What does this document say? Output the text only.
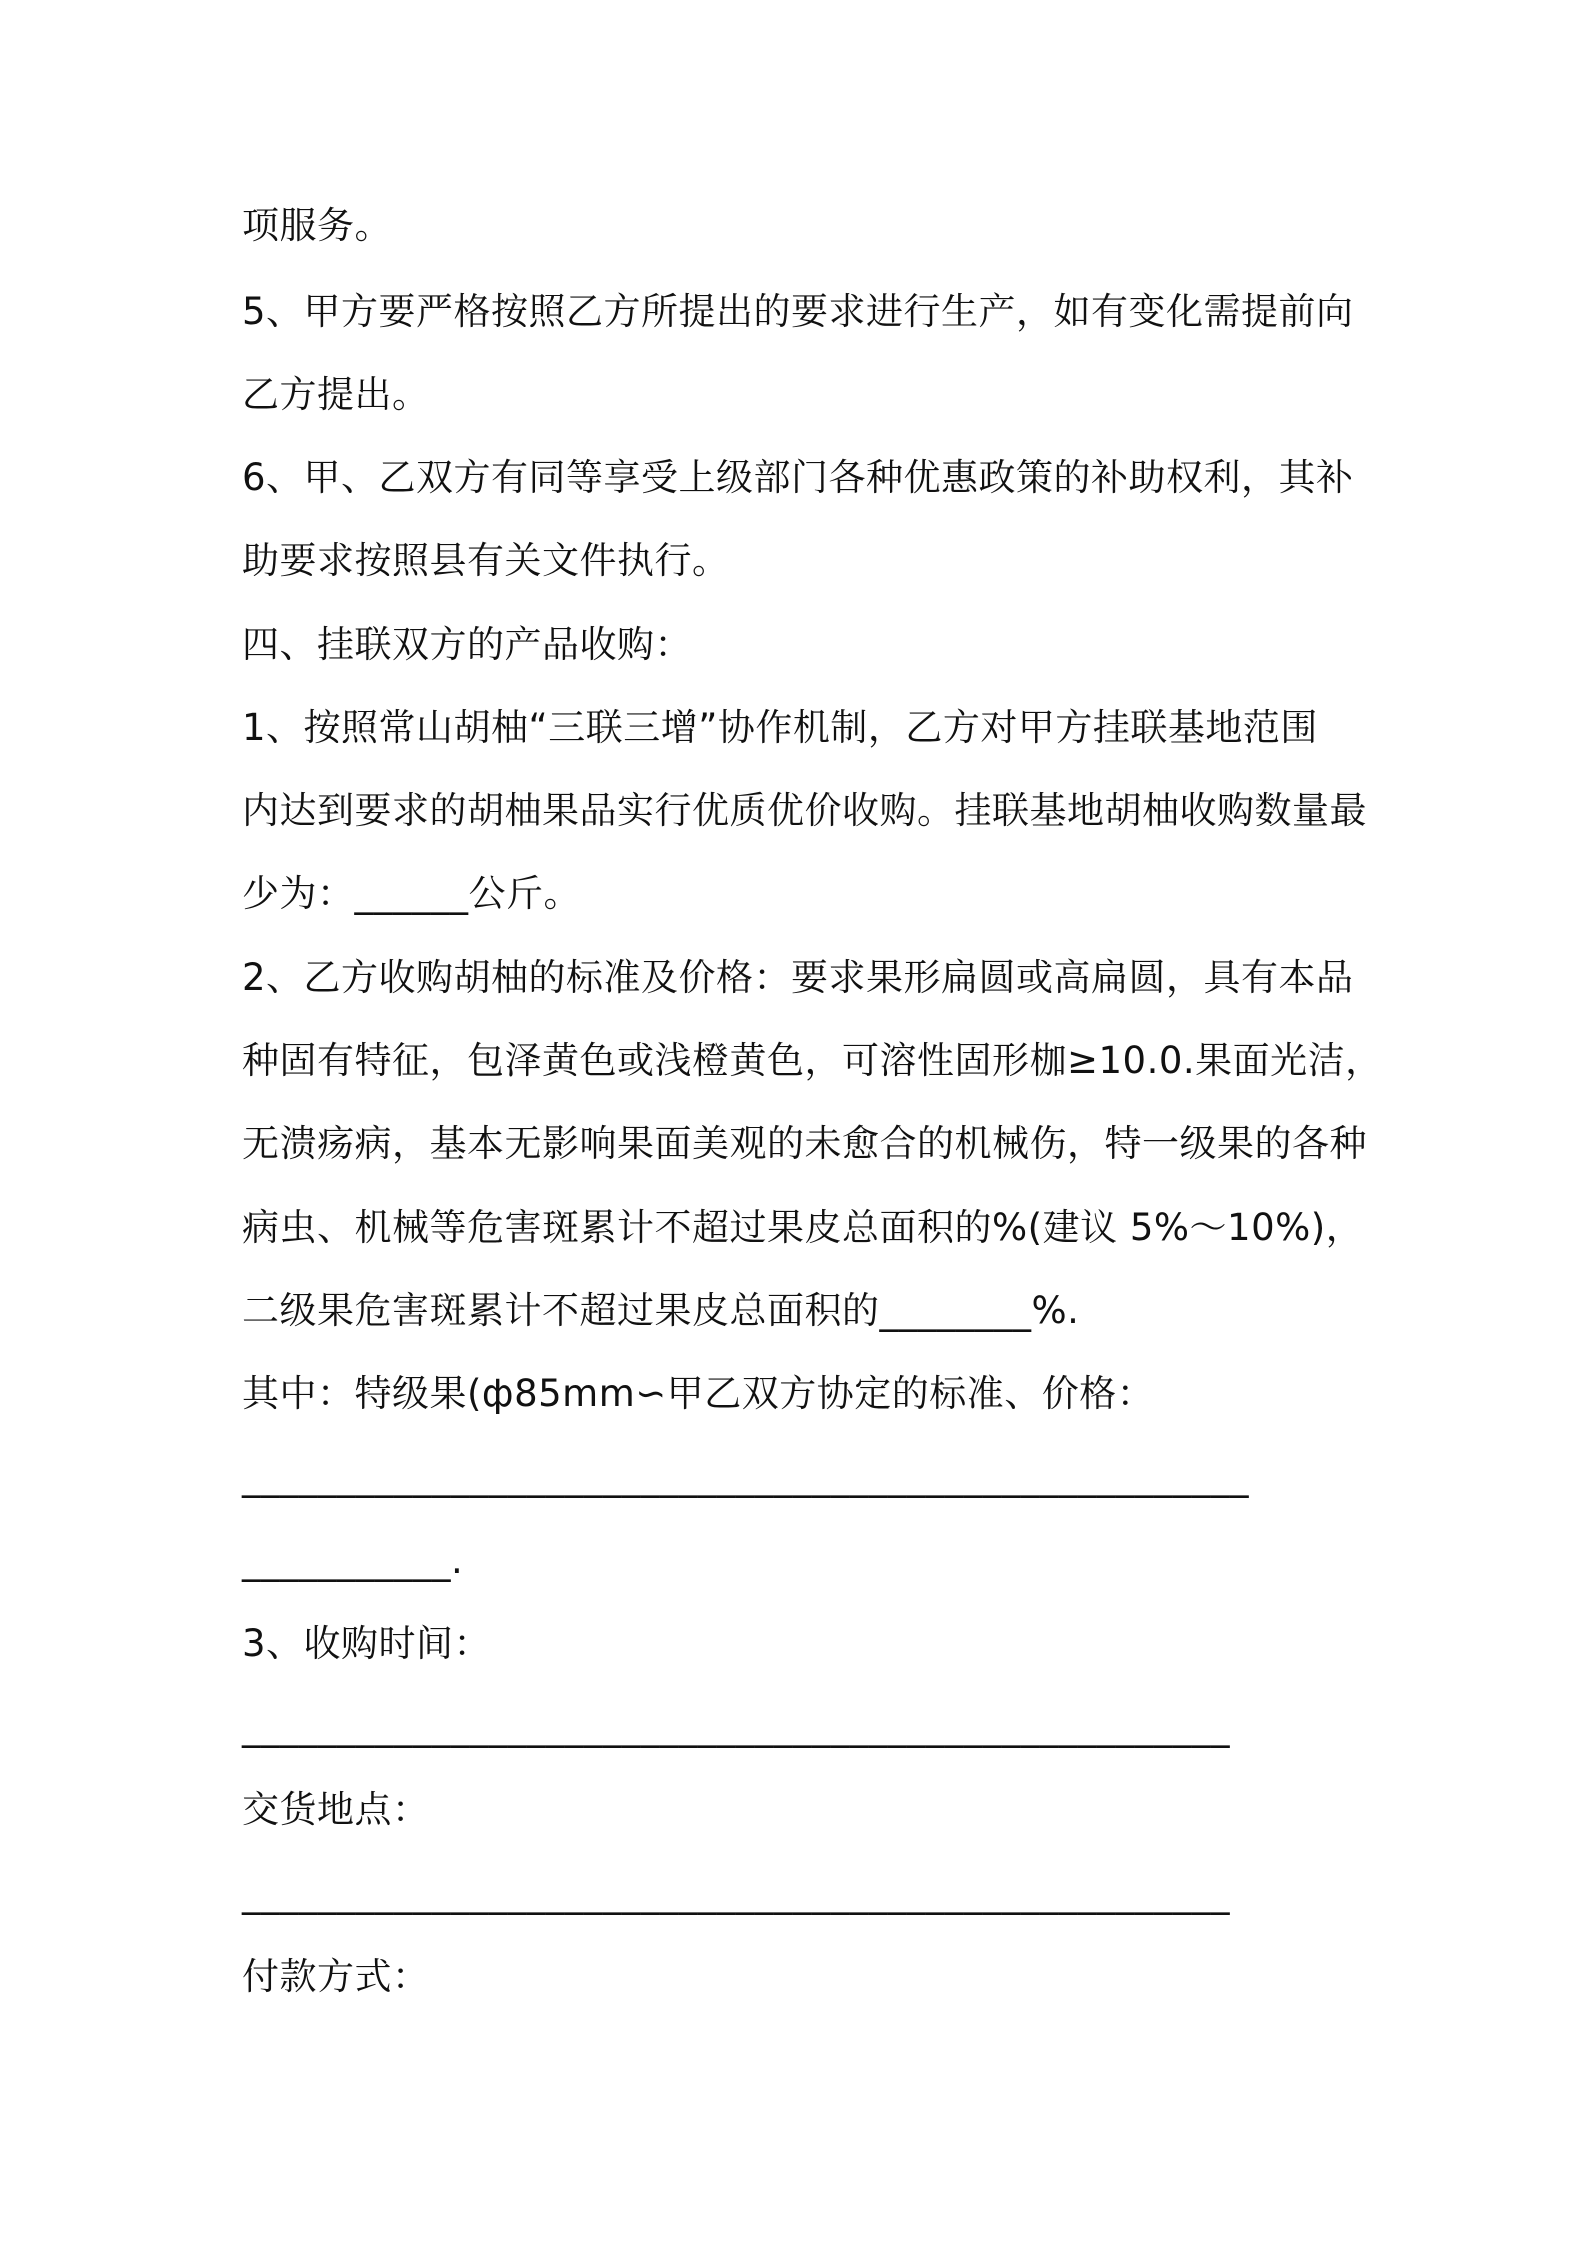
项服务。
5、甲方要严格按照乙方所提出的要求进行生产，如有变化需提前向
乙方提出。
6、甲、乙双方有同等享受上级部门各种优惠政策的补助权利，其补
助要求按照县有关文件执行。
四、挂联双方的产品收购：
1、按照常山胡柚“三联三增”协作机制，乙方对甲方挂联基地范围
内达到要求的胡柚果品实行优质优价收购。挂联基地胡柚收购数量最
少为：______公斤。
2、乙方收购胡柚的标准及价格：要求果形扁圆或高扁圆，具有本品
种固有特征，包泽黄色或浅橙黄色，可溶性固形枷≥10.0.果面光洁，
无溃疡病，基本无影响果面美观的未愈合的机械伤，特一级果的各种
病虫、机械等危害斑累计不超过果皮总面积的%(建议 5%～10%)，
二级果危害斑累计不超过果皮总面积的________%.
其中：特级果(ф85mm∽甲乙双方协定的标准、价格：
_____________________________________________________
___________.
3、收购时间：
____________________________________________________
交货地点：
____________________________________________________
付款方式：
